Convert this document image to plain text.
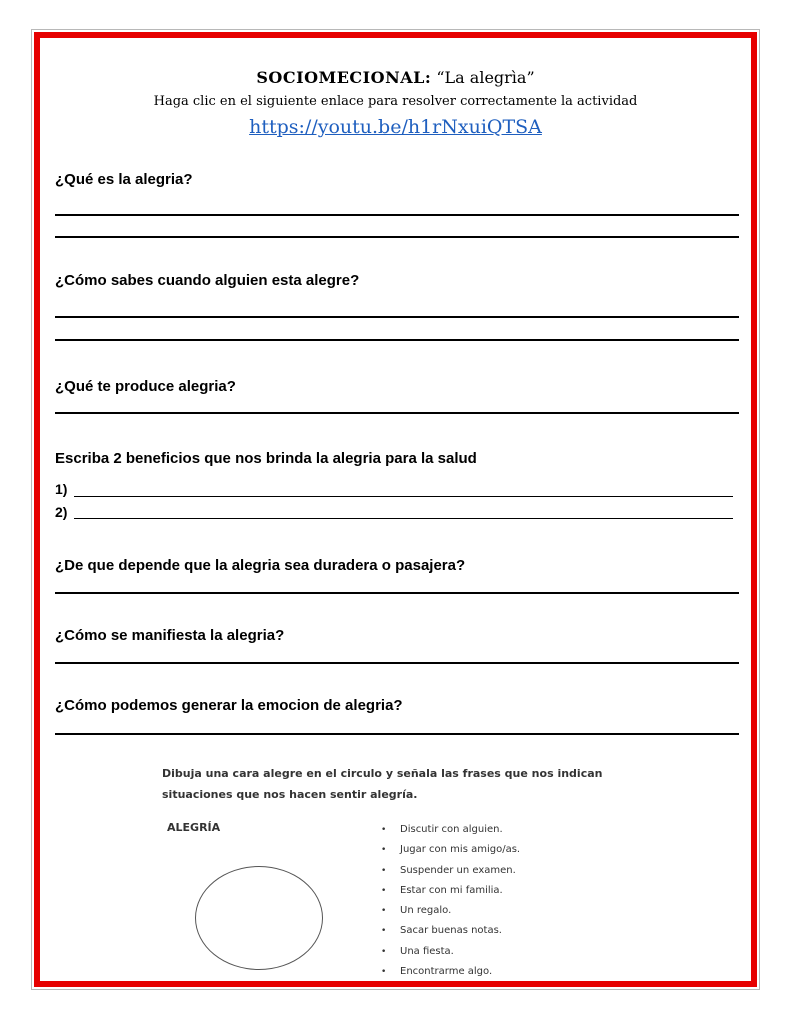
SOCIOMECIONAL: “La alegrìa”
Haga clic en el siguiente enlace para resolver correctamente la actividad
https://youtu.be/h1rNxuiQTSA

¿Qué es la alegria?

¿Cómo sabes cuando alguien esta alegre?

¿Qué te produce alegria?

Escriba 2 beneficios que nos brinda la alegria para la salud

1)
2)

¿De que depende que la alegria sea duradera o pasajera?

¿Cómo se manifiesta la alegria?

¿Cómo podemos generar la emocion de alegria?

Dibuja una cara alegre en el circulo y señala las frases que nos indican situaciones que nos hacen sentir alegría.
ALEGRÍA	• Discutir con alguien.
• Jugar con mis amigo/as.
• Suspender un examen.
• Estar con mi familia.
• Un regalo.
• Sacar buenas notas.
• Una fiesta.
• Encontrarme algo.
